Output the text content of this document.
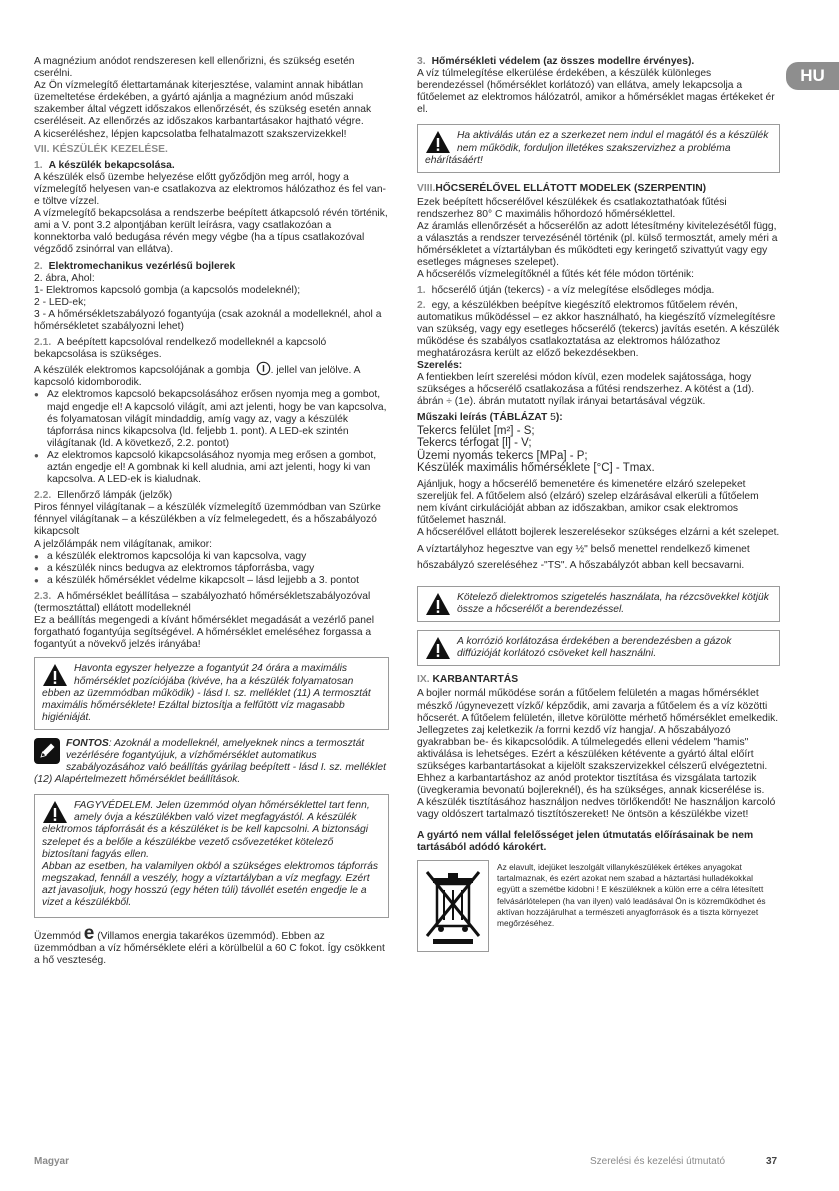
HU

A magnézium anódot rendszeresen kell ellenőrizni, és szükség esetén cserélni.

Az Ön vízmelegítő élettartamának kiterjesztése, valamint annak hibátlan üzemeltetése érdekében, a gyártó ajánlja a magnézium anód műszaki szakember által végzett időszakos ellenőrzését, és szükség esetén annak cseréléseit. Az ellenőrzés az időszakos karbantartásakor hajtható végre.

A kicseréléshez, lépjen kapcsolatba felhatalmazott szakszervizekkel!

VII. KÉSZÜLÉK KEZELÉSE.

1. A készülék bekapcsolása.

A készülék első üzembe helyezése előtt győződjön meg arról, hogy a vízmelegítő helyesen van-e csatlakozva az elektromos hálózathoz és fel van-e töltve vízzel.

A vízmelegítő bekapcsolása a rendszerbe beépített átkapcsoló révén történik, ami a V. pont 3.2 alpontjában került leírásra, vagy csatlakozóan a konnektorba való bedugása révén megy végbe (ha a típus csatlakozóval végződő zsinórral van ellátva).

2. Elektromechanikus vezérlésű bojlerek

2. ábra, Ahol:

1- Elektromos kapcsoló gombja (a kapcsolós modeleknél);

2 - LED-ek;

3 - A hőmérsékletszabályozó fogantyúja (csak azoknál a modelleknél, ahol a hőmérsékletet szabályozni lehet)

2.1. A beépített kapcsolóval rendelkező modelleknél a kapcsoló bekapcsolása is szükséges.

A készülék elektromos kapcsolójának a gombja . jellel van jelölve. A kapcsoló kidomborodik.

● Az elektromos kapcsoló bekapcsolásához erősen nyomja meg a gombot, majd engedje el! A kapcsoló világít, ami azt jelenti, hogy be van kapcsolva, és folyamatosan világít mindaddig, amíg vagy az, vagy a készülék tápforrása nincs kikapcsolva (ld. feljebb 1. pont). A LED-ek szintén világítanak (ld. A következő, 2.2. pontot)

● Az elektromos kapcsoló kikapcsolásához nyomja meg erősen a gombot, aztán engedje el! A gombnak ki kell aludnia, ami azt jelenti, hogy ki van kapcsolva. A LED-ek is kialudnak.

2.2. Ellenőrző lámpák (jelzők)

Piros fénnyel világítanak – a készülék vízmelegítő üzemmódban van Szürke fénnyel világítanak – a készülékben a víz felmelegedett, és a hőszabályozó kikapcsolt

A jelzőlámpák nem világítanak, amikor:

● a készülék elektromos kapcsolója ki van kapcsolva, vagy

● a készülék nincs bedugva az elektromos tápforrásba, vagy

● a készülék hőmérséklet védelme kikapcsolt – lásd lejjebb a 3. pontot

2.3. A hőmérséklet beállítása – szabályozható hőmérsékletszabályozóval (termosztáttal) ellátott modelleknél

Ez a beállítás megengedi a kívánt hőmérséklet megadását a vezérlő panel forgatható fogantyúja segítségével. A hőmérséklet emeléséhez forgassa a fogantyút a növekvő jelzés irányába!

Havonta egyszer helyezze a fogantyút 24 órára a maximális hőmérséklet pozíciójába (kivéve, ha a készülék folyamatosan ebben az üzemmódban működik) - lásd I. sz. melléklet (11) A termosztát maximális hőmérséklete! Ezáltal biztosítja a felfűtött víz magasabb higiéniáját.

FONTOS: Azoknál a modelleknél, amelyeknek nincs a termosztát vezérlésére fogantyújuk, a vízhőmérséklet automatikus szabályozásához való beállítás gyárilag beépített - lásd I. sz. melléklet (12) Alapértelmezett hőmérséklet beállítások.

FAGYVÉDELEM. Jelen üzemmód olyan hőmérséklettel tart fenn, amely óvja a készülékben való vizet megfagyástól. A készülék elektromos tápforrását és a készüléket is be kell kapcsolni. A biztonsági szelepet és a belőle a készülékbe vezető csővezetéket kötelező biztosítani fagyás ellen.

Abban az esetben, ha valamilyen okból a szükséges elektromos tápforrás megszakad, fennáll a veszély, hogy a víztartályban a víz megfagy. Ezért azt javasoljuk, hogy hosszú (egy héten túli) távollét esetén engedje le a vizet a készülékből.

Üzemmód e (Villamos energia takarékos üzemmód). Ebben az üzemmódban a víz hőmérséklete eléri a körülbelül a 60 C fokot. Így csökkent a hő veszteség.

3. Hőmérsékleti védelem (az összes modellre érvényes).

A víz túlmelegítése elkerülése érdekében, a készülék különleges berendezéssel (hőmérséklet korlátozó) van ellátva, amely lekapcsolja a fűtőelemet az elektromos hálózatról, amikor a hőmérséklet magas értékeket ér el.

Ha aktiválás után ez a szerkezet nem indul el magától és a készülék nem működik, forduljon illetékes szakszervizhez a probléma ehárításáért!

VIII.HŐCSERÉLŐVEL ELLÁTOTT MODELEK (SZERPENTIN)

Ezek beépített hőcserélővel készülékek és csatlakoztathatóak fűtési rendszerhez 80° C maximális hőhordozó hőmérséklettel.

Az áramlás ellenőrzését a hőcserélőn az adott létesítmény kivitelezésétől függ, a választás a rendszer tervezésénél történik (pl. külső termosztát, amely méri a hőmérsékletet a víztartályban és működteti egy keringető szivattyút vagy egy esetleges mágneses szelepet).

A hőcserélős vízmelegítőknél a fűtés két féle módon történik:

1. hőcserélő útján (tekercs) - a víz melegítése elsődleges módja.

2. egy, a készülékben beépítve kiegészítő elektromos fűtőelem révén, automatikus működéssel – ez akkor használható, ha kiegészítő vízmelegítésre van szükség, vagy egy esetleges hőcserélő (tekercs) javítás esetén. A készülék működése és szabályos csatlakoztatása az elektromos hálózathoz meghatározásra került az előző bekezdésekben.

Szerelés:

A fentiekben leírt szerelési módon kívül, ezen modelek sajátossága, hogy szükséges a hőcserélő csatlakozása a fűtési rendszerhez. A kötést a (1d). ábrán ÷ (1e). ábrán mutatott nyílak irányai betartásával végzük.

Műszaki leírás (TÁBLÁZAT 5):

Tekercs felület [m²] - S;

Tekercs térfogat [l] - V;

Üzemi nyomás tekercs [MPa] - P;

Készülék maximális hőmérséklete [°C] - Tmax.

Ajánljuk, hogy a hőcserélő bemenetére és kimenetére elzáró szelepeket szereljük fel. A fűtőelem alsó (elzáró) szelep elzárásával elkerüli a fűtőelem nem kívánt cirkulációját abban az időszakban, amikor csak elektromos fűtőelemet használ.

A hőcserélővel ellátott bojlerek leszerelésekor szükséges elzárni a két szelepet.

A víztartályhoz hegesztve van egy ½" belső menettel rendelkező kimenet hőszabályzó szereléséhez -"TS". A hőszabályzót abban kell becsavarni.

Kötelező dielektromos szigetelés használata, ha rézcsövekkel kötjük össze a hőcserélőt a berendezéssel.
A korrózió korlátozása érdekében a berendezésben a gázok diffúzióját korlátozó csöveket kell használni.

IX. KARBANTARTÁS

A bojler normál működése során a fűtőelem felületén a magas hőmérséklet mészkő /úgynevezett vízkő/ képződik, ami zavarja a fűtőelem és a víz közötti hőcserét. A fűtőelem felületén, illetve körülötte mérhető hőmérséklet emelkedik. Jellegzetes zaj keletkezik /a forrni kezdő víz hangja/. A hőszabályozó gyakrabban be- és kikapcsolódik. A túlmelegedés elleni védelem "hamis" aktiválása is lehetséges. Ezért a készüléken kétévente a gyártó által előírt szükséges karbantartásokat a kijelölt szakszervizekkel célszerű elvégeztetni. Ehhez a karbantartáshoz az anód protektor tisztítása és vizsgálata tartozik (üvegkeramia bevonatú bojlereknél), és ha szükséges, annak kicserélése is.

A készülék tisztításához használjon nedves törlőkendőt! Ne használjon karcoló vagy oldószert tartalmazó tisztítószereket! Ne öntsön a készülékbe vizet!

A gyártó nem vállal felelősséget jelen útmutatás előírásainak be nem tartásából adódó károkért.

Az elavult, idejüket leszolgált villanykészülékek értékes anyagokat tartalmaznak, és ezért azokat nem szabad a háztartási hulladékokkal együtt a szemétbe kidobni ! E készüléknek a külön erre a célra létesített felvásárlótelepen (ha van ilyen) való leadásával Ön is közreműködhet és aktívan hozzájárulhat a természeti anyagforrások és a tiszta környezet megőrzéséhez.

Magyar	Szerelési és kezelési útmutató	37
